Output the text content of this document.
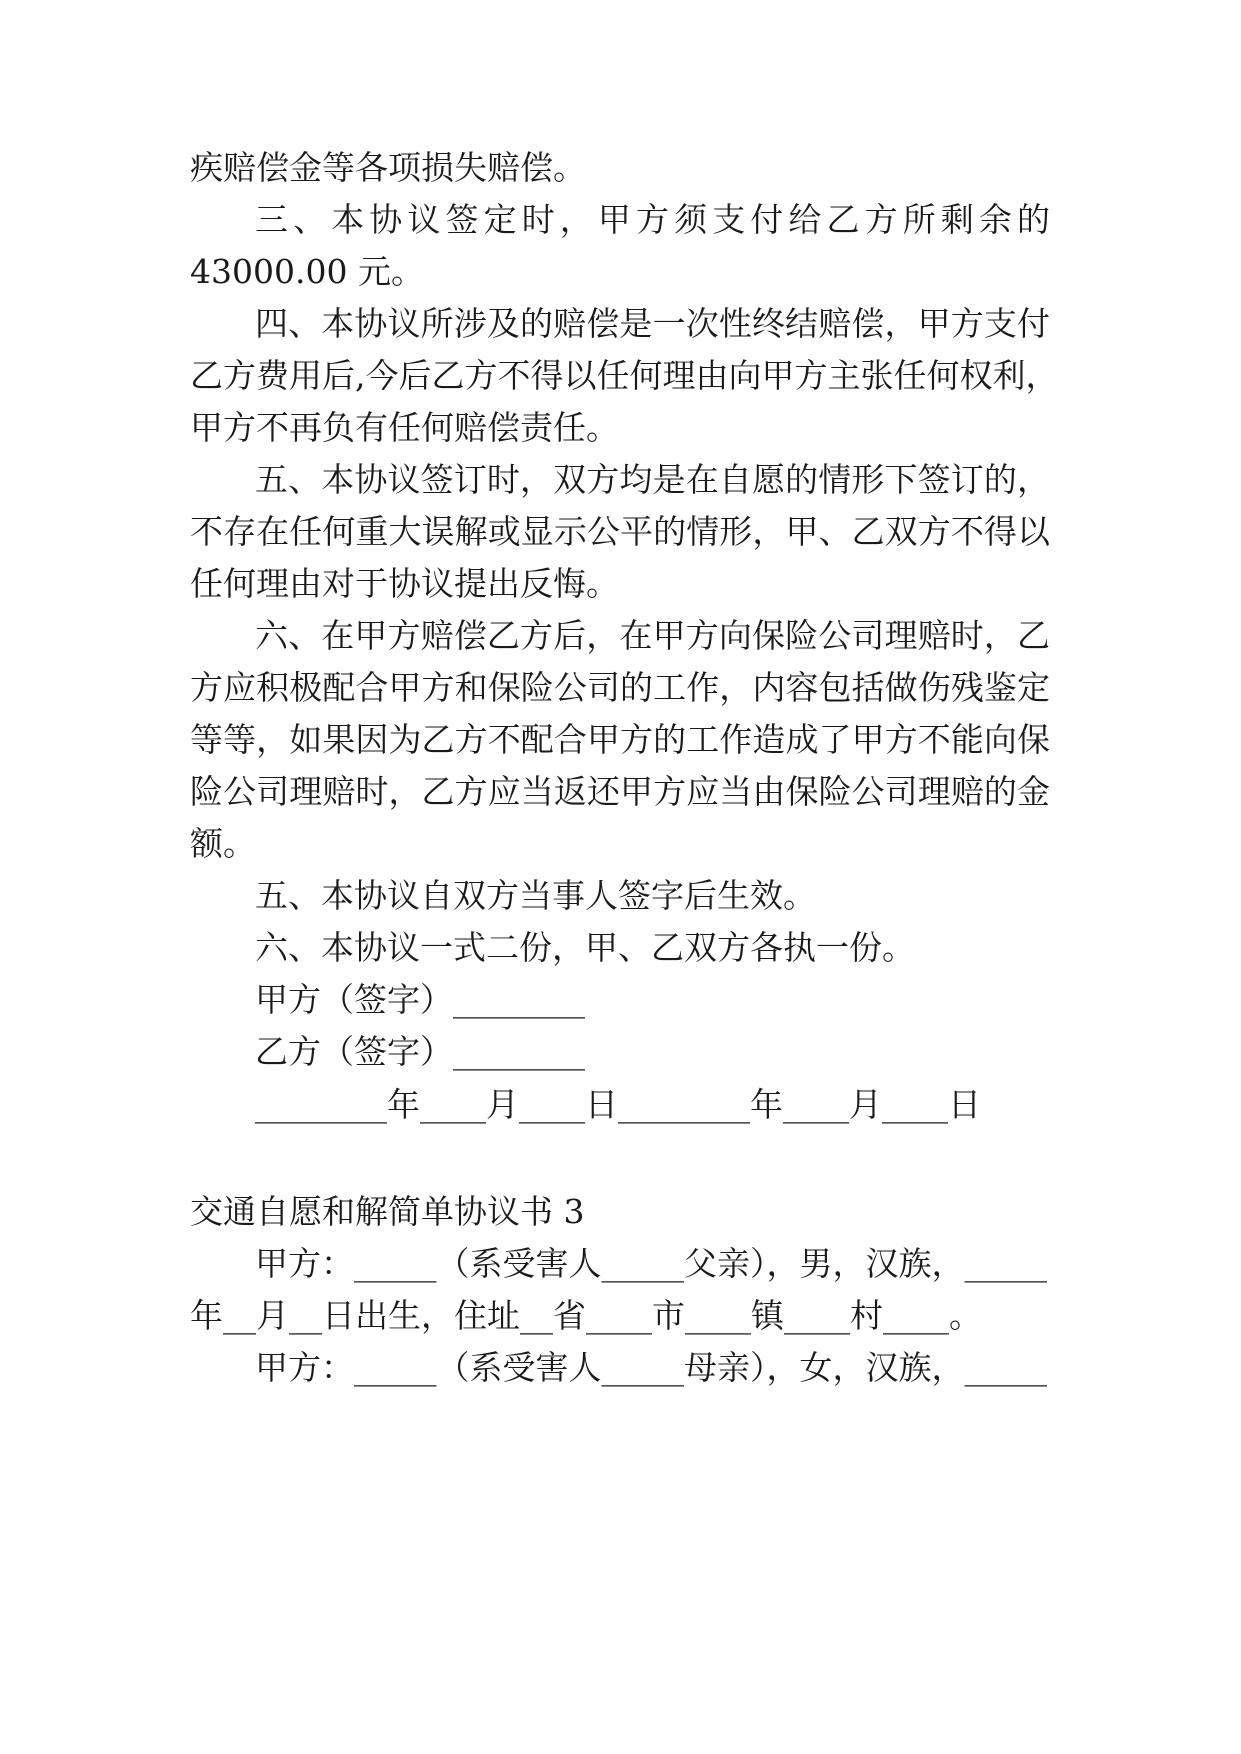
疾赔偿金等各项损失赔偿。
三、本协议签定时，甲方须支付给乙方所剩余的
43000.00 元。
四、本协议所涉及的赔偿是一次性终结赔偿，甲方支付
乙方费用后,今后乙方不得以任何理由向甲方主张任何权利，
甲方不再负有任何赔偿责任。
五、本协议签订时，双方均是在自愿的情形下签订的，
不存在任何重大误解或显示公平的情形，甲、乙双方不得以
任何理由对于协议提出反悔。
六、在甲方赔偿乙方后，在甲方向保险公司理赔时，乙
方应积极配合甲方和保险公司的工作，内容包括做伤残鉴定
等等，如果因为乙方不配合甲方的工作造成了甲方不能向保
险公司理赔时，乙方应当返还甲方应当由保险公司理赔的金
额。
五、本协议自双方当事人签字后生效。
六、本协议一式二份，甲、乙双方各执一份。
甲方（签字）________
乙方（签字）________
________年____月____日________年____月____日
交通自愿和解简单协议书 3
甲方：_____（系受害人_____父亲），男，汉族，_____
年__月__日出生，住址__省____市____镇____村____。
甲方：_____（系受害人_____母亲），女，汉族，_____
